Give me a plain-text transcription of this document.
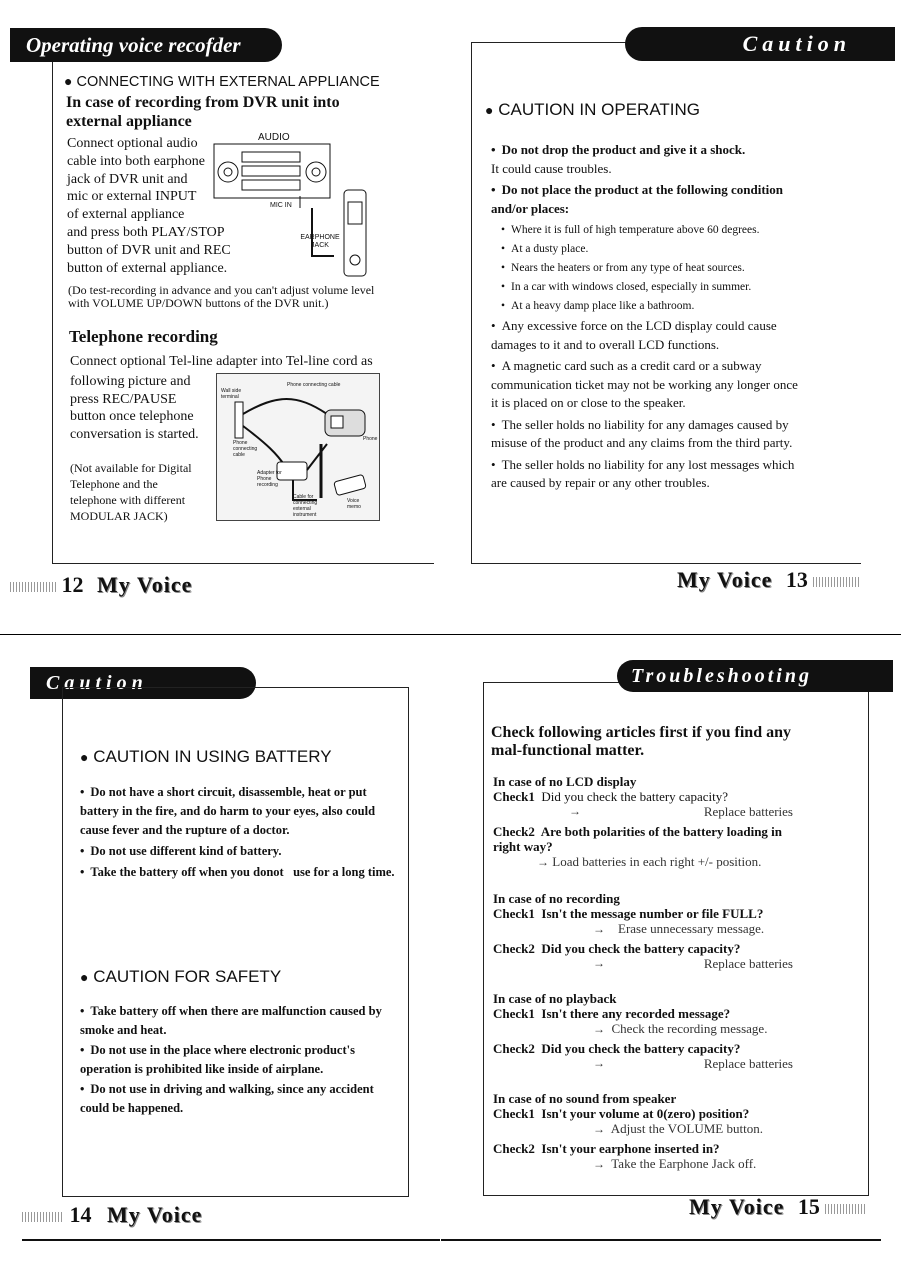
Operating voice recofder

● CONNECTING WITH EXTERNAL APPLIANCE

In case of recording from DVR unit into external appliance

Connect optional audio

cable into both earphone

jack of DVR unit and

mic or external INPUT

of external appliance

and press both PLAY/STOP

button of DVR unit and REC

button of external appliance.

AUDIO
MIC IN
EARPHONE JACK

(Do test-recording in advance and you can't adjust volume level with VOLUME UP/DOWN buttons of the DVR unit.)

Telephone recording

Connect optional Tel-line adapter into Tel-line cord as

following picture and

press REC/PAUSE

button once telephone

conversation is started.

(Not available for Digital

Telephone and the

telephone with different

MODULAR JACK)

Wall side terminal
Phone connecting cable
Phone connecting cable
Adapter for Phone recording
Cable for connecting external instrument
Phone
Voice memo
12 My Voice
Caution

● CAUTION IN OPERATING

• Do not drop the product and give it a shock.

It could cause troubles.

• Do not place the product at the following condition and/or places:

• Where it is full of high temperature above 60 degrees.

• At a dusty place.

• Nears the heaters or from any type of heat sources.

• In a car with windows closed, especially in summer.

• At a heavy damp place like a bathroom.

• Any excessive force on the LCD display could cause damages to it and to overall LCD functions.

• A magnetic card such as a credit card or a subway communication ticket may not be working any longer once it is placed on or close to the speaker.

• The seller holds no liability for any damages caused by misuse of the product and any claims from the third party.

• The seller holds no liability for any lost messages which are caused by repair or any other troubles.

My Voice 13
Caution

● CAUTION IN USING BATTERY

• Do not have a short circuit, disassemble, heat or put battery in the fire, and do harm to your eyes, also could cause fever and the rupture of a doctor.

• Do not use different kind of battery.

• Take the battery off when you donot   use for a long time.

● CAUTION FOR SAFETY

• Take battery off when there are malfunction caused by smoke and heat.

• Do not use in the place where electronic product's operation is prohibited like inside of airplane.

• Do not use in driving and walking, since any accident could be happened.

14 My Voice
Troubleshooting

Check following articles first if you find any mal-functional matter.

In case of no LCD display

Check1 Did you check the battery capacity?

→	Replace batteries

Check2 Are both polarities of the battery loading in right way?

→ Load batteries in each right +/- position.

In case of no recording

Check1 Isn't the message number or file FULL?

→ Erase unnecessary message.

Check2 Did you check the battery capacity?

→	Replace batteries

In case of no playback

Check1 Isn't there any recorded message?

→ Check the recording message.

Check2 Did you check the battery capacity?

→	Replace batteries

In case of no sound from speaker

Check1 Isn't your volume at 0(zero) position?

→ Adjust the VOLUME button.

Check2 Isn't your earphone inserted in?

→ Take the Earphone Jack off.

My Voice 15
